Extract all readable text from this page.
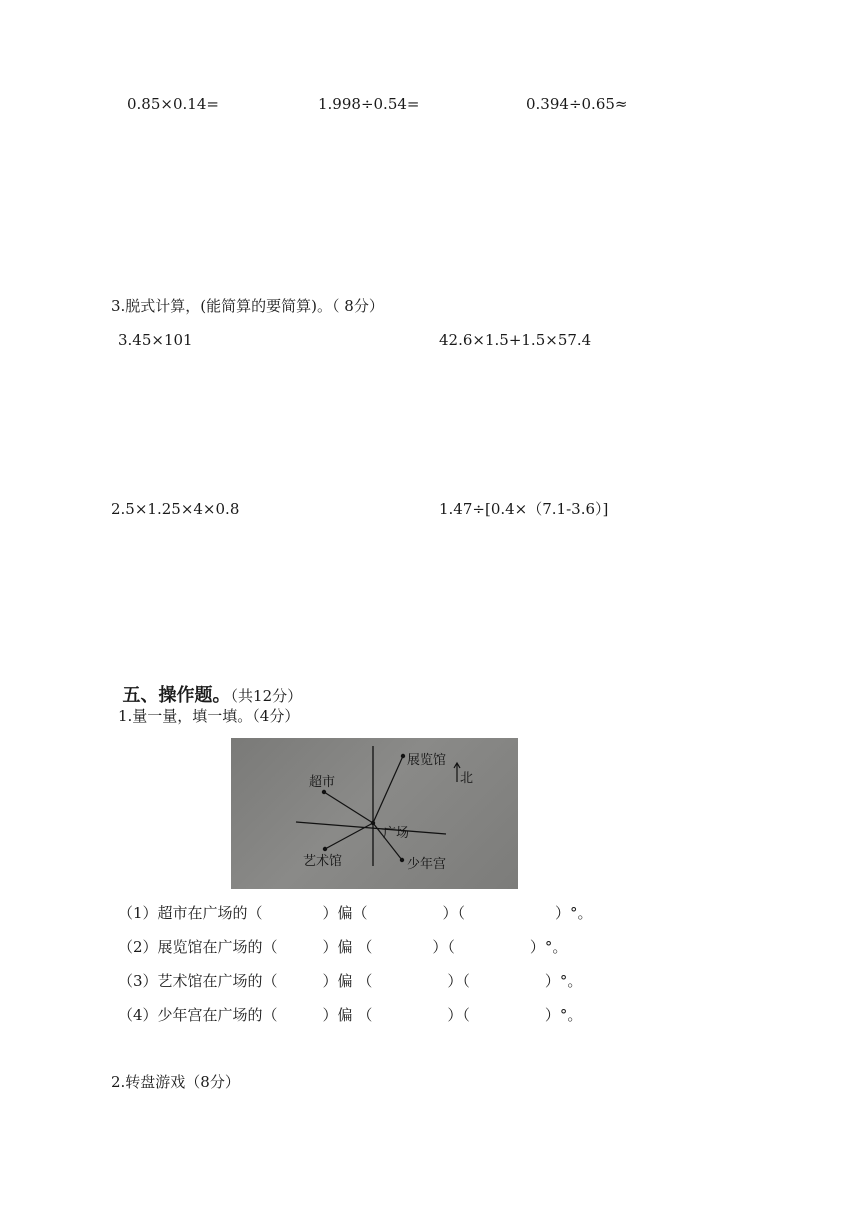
0.85×0.14=	1.998÷0.54=	0.394÷0.65≈
3.脱式计算，(能简算的要简算)。（ 8分）
3.45×101	42.6×1.5+1.5×57.4
2.5×1.25×4×0.8	1.47÷[0.4×（7.1-3.6）]

五、操作题。（共12分）

1.量一量，填一填。（4分）
超市
展览馆
北
广场
艺术馆	少年宫
（1）超市在广场的（　　　　）偏（　　　　　）（　　　　　　）°。
（2）展览馆在广场的（　　　）偏 （　　　　）（　　　　　）°。
（3）艺术馆在广场的（　　　）偏 （　　　　　）（　　　　　）°。
（4）少年宫在广场的（　　　）偏 （　　　　　）（　　　　　）°。
2.转盘游戏（8分）
